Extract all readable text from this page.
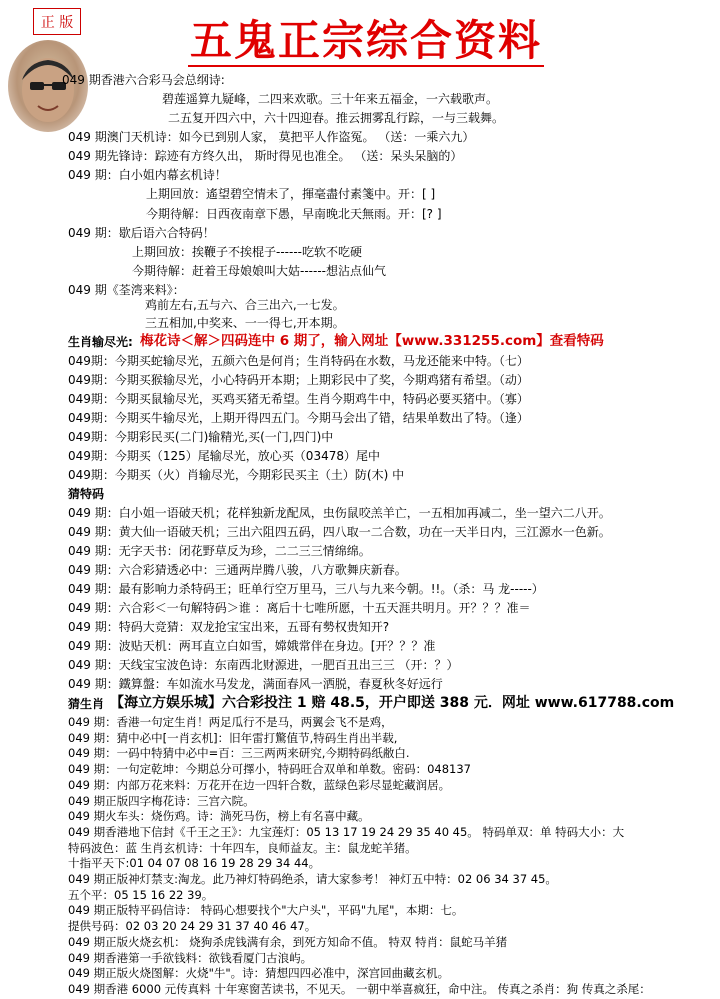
正 版	五鬼正宗综合资料
049 期香港六合彩马会总纲诗:
碧莲遥算九疑峰，二四来欢歌。三十年来五福金，一六载歌声。
二五复开四六中，六十四迎春。推云拥雾乱行踪，一与三载舞。
049 期澳门天机诗：如今已到别人家， 莫把平人作盗冤。 （送：一乘六九）
049 期先锋诗：踪迹有方终久出， 斯时得见也准全。 （送：呆头呆脑的）
049 期：白小姐内幕玄机诗！
上期回放：遙望碧空情未了，揮毫盡付素箋中。开：[ ]
今期待解：日西夜南章下愚，早南晚北天無雨。开：[? ]
049 期：歇后语六合特码！
上期回放：挨鞭子不挨棍子------吃软不吃硬
今期待解：赶着王母娘娘叫大姑------想沾点仙气
049 期《荃湾来料》：
鸡前左右,五与六、合三出六,一七发。
三五相加,中奖来、一一得七,开本期。
生肖输尽光: 梅花诗＜解＞四码连中 6 期了，输入网址【www.331255.com】查看特码
049期：今期买蛇输尽光，五颜六色是何肖；生肖特码在水数，马龙还能来中特。（七）
049期：今期买猴输尽光，小心特码开本期；上期彩民中了奖，今期鸡猪有希望。（动）
049期：今期买鼠输尽光，买鸡买猪无希望。生肖今期鸡牛中，特码必要买猪中。（寡）
049期：今期买牛输尽光，上期开得四五门。今期马会出了错，结果单数出了特。（逢）
049期：今期彩民买(二门)输精光,买(一门,四门)中
049期：今期买（125）尾输尽光，放心买（03478）尾中
049期：今期买（火）肖输尽光，今期彩民买主（土）防(木) 中
猜特码
049 期：白小姐一语破天机；花样独新龙配凤，虫伤鼠咬羔羊亡，一五相加再减二，坐一望六二八开。
049 期：黄大仙一语破天机；三出六阻四五码，四八取一二合数，功在一天半日内，三江源水一色新。
049 期：无字天书：闭花野草反为珍，二二三三情绵绵。
049 期：六合彩猜透必中：三通两岸腾八骏，八方歌舞庆新春。
049 期：最有影响力杀特码王；旺单行空万里马，三八与九来今朝。!!。（杀：马 龙-----）
049 期：六合彩＜一句解特码＞谁 ：离后十七唯所愿，十五天涯共明月。开？？？准＝
049 期：特码大竞猜：双龙抢宝宝出来，五哥有勢权贵知开?
049 期：波贴天机：两耳直立白如雪，嫦娥常伴在身边。[开？？？准
049 期：天线宝宝波色诗：东南西北财源进，一肥百丑出三三 （开：？）
049 期：鐵算盤：车如流水马发龙，满面春风一洒脱，春夏秋冬好远行
猜生肖 【海立方娱乐城】六合彩投注 1 赔 48.5，开户即送 388 元．网址 www.617788.com
049 期：香港一句定生肖！两足瓜行不是马，两翼会飞不是鸡，
049 期：猜中必中[一肖玄机]：旧年雷打驚值节,特码生肖出半载,
049 期：一码中特猜中必中=百：三三两两来研究,今期特码纸敝白.
049 期：一句定乾坤：今期总分可擇小，特码旺合双单和单数。密码：048137
049 期：内部万花来料：万花开在边一四轩合数，蓝绿色彩尽显蛇藏润居。
049 期正版四字梅花诗：三宫六院。
049 期火车头：烧伤鸡。诗：淌死马伤，榜上有名喜中藏。
049 期香港地下信封《千王之王》：九宝莲灯：05 13 17 19 24 29 35 40 45。 特码单双：单 特码大小：大
特码波色：蓝 生肖玄机诗：十年四车，良师益友。主：鼠龙蛇羊猪。
十指平天下:01 04 07 08 16 19 28 29 34 44。
049 期正版神灯禁支:淘龙。此乃神灯特码绝杀，请大家参考！ 神灯五中特：02 06 34 37 45。
五个平：05 15 16 22 39。
049 期正版特平码信诗： 特码心想要找个"大户头"，平码"九尾"，本期：七。
提供号码：02 03 20 24 29 31 37 40 46 47。
049 期正版火烧玄机： 烧狗杀虎钱满有余，到死方知命不值。 特双 特肖：鼠蛇马羊猪
049 期香港第一手欲钱料：欲钱看厦门古浪屿。
049 期正版火烧图解：火烧"牛"。诗：猜想四四必准中，深宫回曲藏玄机。
049 期香港 6000 元传真料 十年寒窗苦读书，不见天。 一朝中举喜疯狂，命中注。 传真之杀肖：狗 传真之杀尾：
